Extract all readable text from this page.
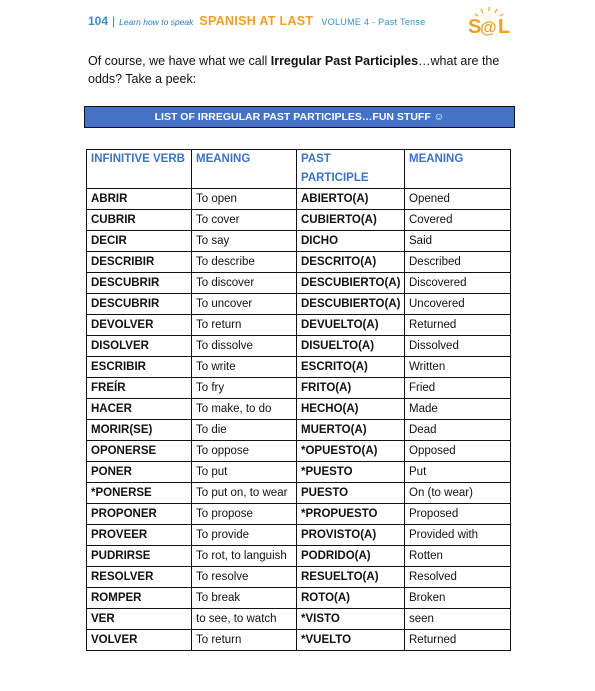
104 | Learn how to speak SPANISH AT LAST VOLUME 4 - Past Tense S
@ L
Of course, we have what we call Irregular Past Participles…what are the odds? Take a peek:
LIST OF IRREGULAR PAST PARTICIPLES…FUN STUFF ☺
INFINITIVE VERB	MEANING	PAST PARTICIPLE	MEANING
ABRIR	To open	ABIERTO(A)	Opened
CUBRIR	To cover	CUBIERTO(A)	Covered
DECIR	To say	DICHO	Said
DESCRIBIR	To describe	DESCRITO(A)	Described
DESCUBRIR	To discover	DESCUBIERTO(A)	Discovered
DESCUBRIR	To uncover	DESCUBIERTO(A)	Uncovered
DEVOLVER	To return	DEVUELTO(A)	Returned
DISOLVER	To dissolve	DISUELTO(A)	Dissolved
ESCRIBIR	To write	ESCRITO(A)	Written
FREÍR	To fry	FRITO(A)	Fried
HACER	To make, to do	HECHO(A)	Made
MORIR(SE)	To die	MUERTO(A)	Dead
OPONERSE	To oppose	*OPUESTO(A)	Opposed
PONER	To put	*PUESTO	Put
*PONERSE	To put on, to wear	PUESTO	On (to wear)
PROPONER	To propose	*PROPUESTO	Proposed
PROVEER	To provide	PROVISTO(A)	Provided with
PUDRIRSE	To rot, to languish	PODRIDO(A)	Rotten
RESOLVER	To resolve	RESUELTO(A)	Resolved
ROMPER	To break	ROTO(A)	Broken
VER	to see, to watch	*VISTO	seen
VOLVER	To return	*VUELTO	Returned
